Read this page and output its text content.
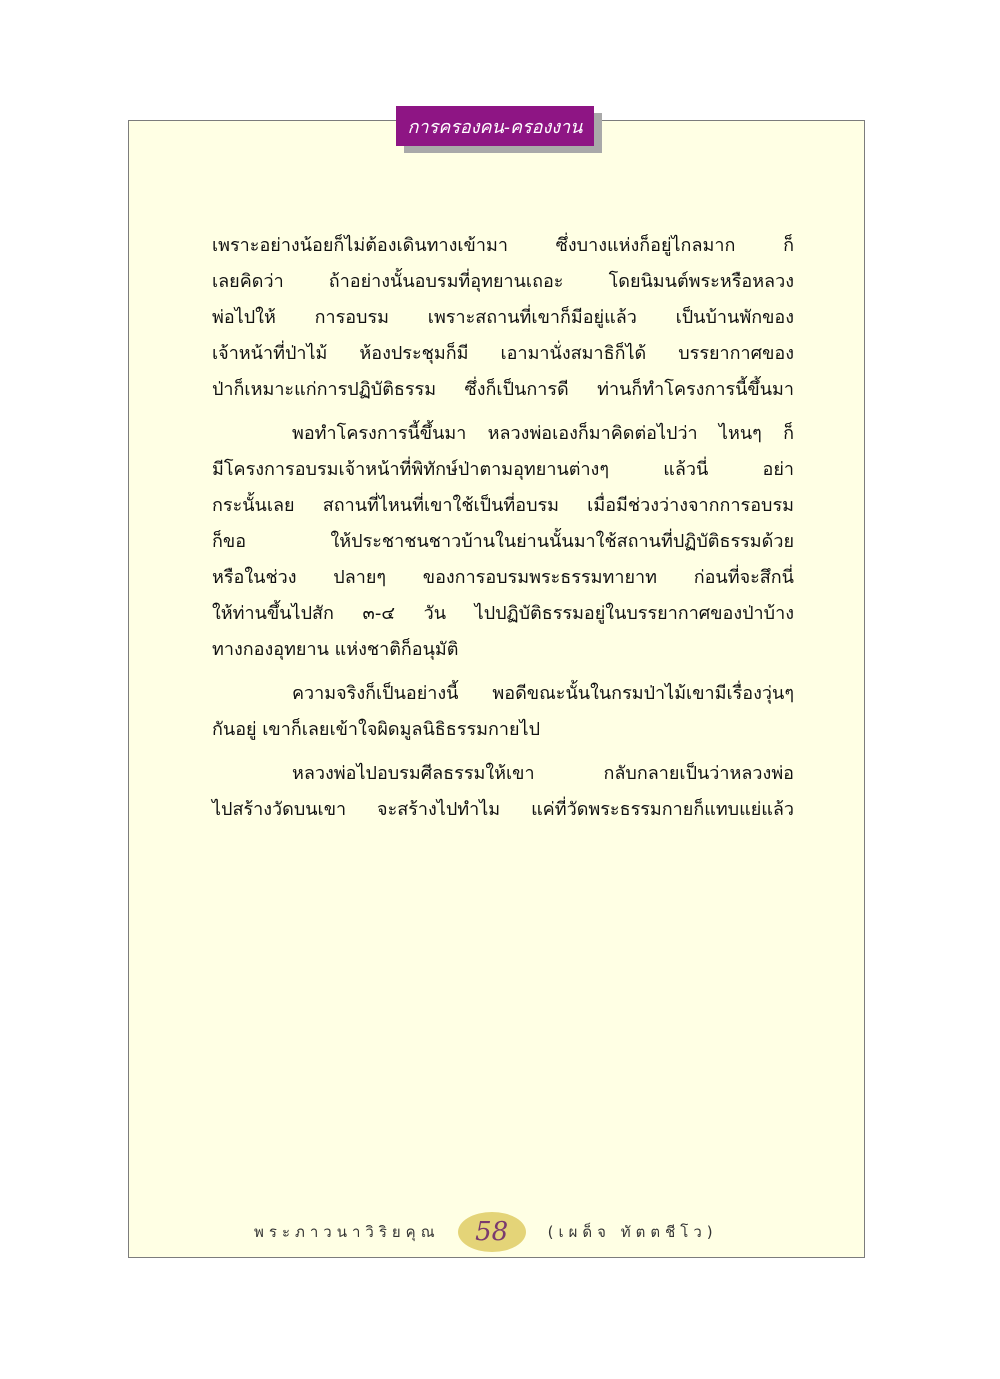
การครองคน-ครองงาน
เพราะอย่างน้อยก็ไม่ต้องเดินทางเข้ามา ซึ่งบางแห่งก็อยู่ไกลมาก ก็
เลยคิดว่า ถ้าอย่างนั้นอบรมที่อุทยานเถอะ โดยนิมนต์พระหรือหลวง
พ่อไปให้ การอบรม เพราะสถานที่เขาก็มีอยู่แล้ว เป็นบ้านพักของ
เจ้าหน้าที่ป่าไม้ ห้องประชุมก็มี เอามานั่งสมาธิก็ได้ บรรยากาศของ
ป่าก็เหมาะแก่การปฏิบัติธรรม ซึ่งก็เป็นการดี ท่านก็ทำโครงการนี้ขึ้นมา
พอทำโครงการนี้ขึ้นมา หลวงพ่อเองก็มาคิดต่อไปว่า ไหนๆ ก็
มีโครงการอบรมเจ้าหน้าที่พิทักษ์ป่าตามอุทยานต่างๆ แล้วนี่ อย่า
กระนั้นเลย สถานที่ไหนที่เขาใช้เป็นที่อบรม เมื่อมีช่วงว่างจากการอบรม
ก็ขอ ให้ประชาชนชาวบ้านในย่านนั้นมาใช้สถานที่ปฏิบัติธรรมด้วย
หรือในช่วง ปลายๆ ของการอบรมพระธรรมทายาท ก่อนที่จะสึกนี่
ให้ท่านขึ้นไปสัก ๓-๔ วัน ไปปฏิบัติธรรมอยู่ในบรรยากาศของป่าบ้าง
ทางกองอุทยาน แห่งชาติก็อนุมัติ
ความจริงก็เป็นอย่างนี้ พอดีขณะนั้นในกรมป่าไม้เขามีเรื่องวุ่นๆ
กันอยู่ เขาก็เลยเข้าใจผิดมูลนิธิธรรมกายไป
หลวงพ่อไปอบรมศีลธรรมให้เขา กลับกลายเป็นว่าหลวงพ่อ
ไปสร้างวัดบนเขา จะสร้างไปทำไม แค่ที่วัดพระธรรมกายก็แทบแย่แล้ว
พระภาวนาวิริยคุณ	58	(เผด็จ ทัตตชีโว)
